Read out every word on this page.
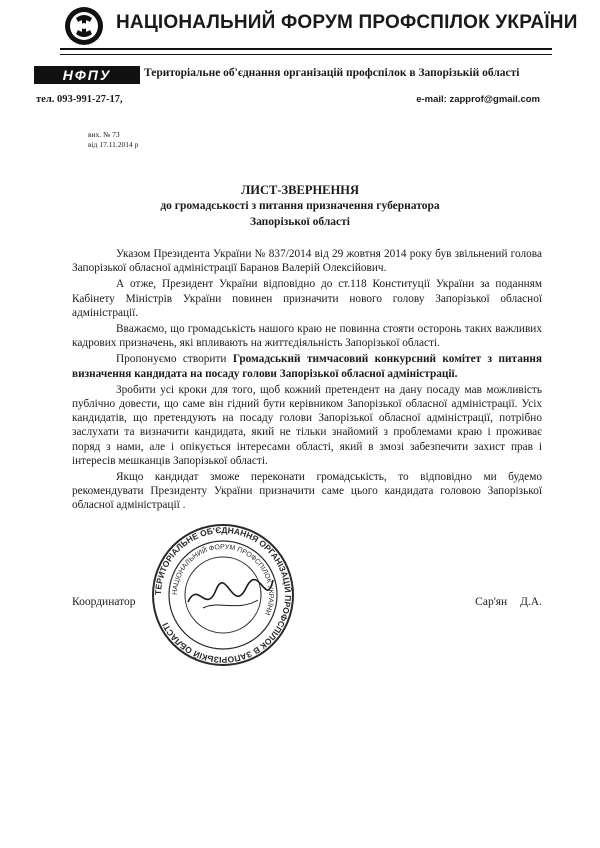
НАЦІОНАЛЬНИЙ ФОРУМ ПРОФСПІЛОК УКРАЇНИ
НФПУ	Територіальне об'єднання організацій профспілок в Запорізькій області
тел. 093-991-27-17,	e-mail: zapprof@gmail.com
вих. № 73
від 17.11.2014 р
ЛИСТ-ЗВЕРНЕННЯ
до громадськості з питання призначення губернатора
Запорізької області

Указом Президента України № 837/2014 від 29 жовтня 2014 року був звільнений голова Запорізької обласної адміністрації Баранов Валерій Олексійович.

А отже, Президент України відповідно до ст.118 Конституції України за поданням Кабінету Міністрів України повинен призначити нового голову Запорізької обласної адміністрації.

Вважаємо, що громадськість нашого краю не повинна стояти осторонь таких важливих кадрових призначень, які впливають на життєдіяльність Запорізької області.

Пропонуємо створити Громадський тимчасовий конкурсний комітет з питання визначення кандидата на посаду голови Запорізької обласної адміністрації.

Зробити усі кроки для того, щоб кожний претендент на дану посаду мав можливість публічно довести, що саме він гідний бути керівником Запорізької обласної адміністрації. Усіх кандидатів, що претендують на посаду голови Запорізької обласної адміністрації, потрібно заслухати та визначити кандидата, який не тільки знайомий з проблемами краю і проживає поряд з нами, але і опікується інтересами області, який в змозі забезпечити захист прав і інтересів мешканців Запорізької області.

Якщо кандидат зможе переконати громадськість, то відповідно ми будемо рекомендувати Президенту України призначити саме цього кандидата головою Запорізької обласної адміністрації .

ТЕРИТОРІАЛЬНЕ ОБ'ЄДНАННЯ ОРГАНІЗАЦІЙ ПРОФСПІЛОК В ЗАПОРІЗЬКІЙ ОБЛАСТІ
НАЦІОНАЛЬНИЙ ФОРУМ ПРОФСПІЛОК УКРАЇНИ
Координатор	Сар'ян Д.А.
